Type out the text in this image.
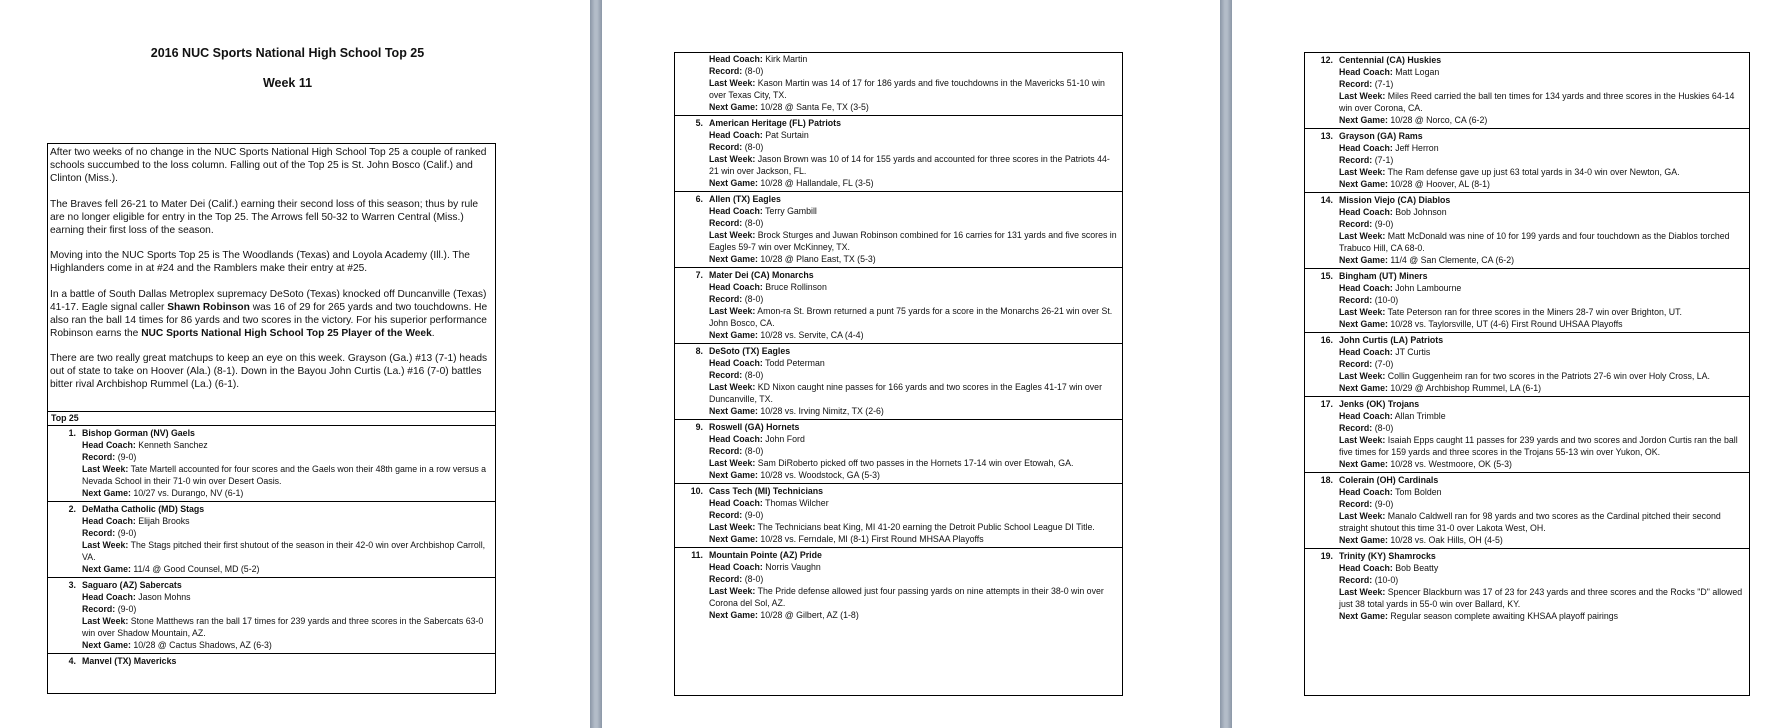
2016 NUC Sports National High School Top 25
Week 11

After two weeks of no change in the NUC Sports National High School Top 25 a couple of ranked schools succumbed to the loss column. Falling out of the Top 25 is St. John Bosco (Calif.) and Clinton (Miss.).

The Braves fell 26-21 to Mater Dei (Calif.) earning their second loss of this season; thus by rule are no longer eligible for entry in the Top 25. The Arrows fell 50-32 to Warren Central (Miss.) earning their first loss of the season.

Moving into the NUC Sports Top 25 is The Woodlands (Texas) and Loyola Academy (Ill.). The Highlanders come in at #24 and the Ramblers make their entry at #25.

In a battle of South Dallas Metroplex supremacy DeSoto (Texas) knocked off Duncanville (Texas) 41-17. Eagle signal caller Shawn Robinson was 16 of 29 for 265 yards and two touchdowns. He also ran the ball 14 times for 86 yards and two scores in the victory. For his superior performance Robinson earns the NUC Sports National High School Top 25 Player of the Week.

There are two really great matchups to keep an eye on this week. Grayson (Ga.) #13 (7-1) heads out of state to take on Hoover (Ala.) (8-1). Down in the Bayou John Curtis (La.) #16 (7-0) battles bitter rival Archbishop Rummel (La.) (6-1).

Top 25
1. Bishop Gorman (NV) Gaels
Head Coach: Kenneth Sanchez
Record: (9-0)
Last Week: Tate Martell accounted for four scores and the Gaels won their 48th game in a row versus a Nevada School in their 71-0 win over Desert Oasis.
Next Game: 10/27 vs. Durango, NV (6-1)
2. DeMatha Catholic (MD) Stags
Head Coach: Elijah Brooks
Record: (9-0)
Last Week: The Stags pitched their first shutout of the season in their 42-0 win over Archbishop Carroll, VA.
Next Game: 11/4 @ Good Counsel, MD (5-2)
3. Saguaro (AZ) Sabercats
Head Coach: Jason Mohns
Record: (9-0)
Last Week: Stone Matthews ran the ball 17 times for 239 yards and three scores in the Sabercats 63-0 win over Shadow Mountain, AZ.
Next Game: 10/28 @ Cactus Shadows, AZ (6-3)
4. Manvel (TX) Mavericks
Head Coach: Kirk Martin
Record: (8-0)
Last Week: Kason Martin was 14 of 17 for 186 yards and five touchdowns in the Mavericks 51-10 win over Texas City, TX.
Next Game: 10/28 @ Santa Fe, TX (3-5)
5. American Heritage (FL) Patriots
Head Coach: Pat Surtain
Record: (8-0)
Last Week: Jason Brown was 10 of 14 for 155 yards and accounted for three scores in the Patriots 44-21 win over Jackson, FL.
Next Game: 10/28 @ Hallandale, FL (3-5)
6. Allen (TX) Eagles
Head Coach: Terry Gambill
Record: (8-0)
Last Week: Brock Sturges and Juwan Robinson combined for 16 carries for 131 yards and five scores in Eagles 59-7 win over McKinney, TX.
Next Game: 10/28 @ Plano East, TX (5-3)
7. Mater Dei (CA) Monarchs
Head Coach: Bruce Rollinson
Record: (8-0)
Last Week: Amon-ra St. Brown returned a punt 75 yards for a score in the Monarchs 26-21 win over St. John Bosco, CA.
Next Game: 10/28 vs. Servite, CA (4-4)
8. DeSoto (TX) Eagles
Head Coach: Todd Peterman
Record: (8-0)
Last Week: KD Nixon caught nine passes for 166 yards and two scores in the Eagles 41-17 win over Duncanville, TX.
Next Game: 10/28 vs. Irving Nimitz, TX (2-6)
9. Roswell (GA) Hornets
Head Coach: John Ford
Record: (8-0)
Last Week: Sam DiRoberto picked off two passes in the Hornets 17-14 win over Etowah, GA.
Next Game: 10/28 vs. Woodstock, GA (5-3)
10. Cass Tech (MI) Technicians
Head Coach: Thomas Wilcher
Record: (9-0)
Last Week: The Technicians beat King, MI 41-20 earning the Detroit Public School League DI Title.
Next Game: 10/28 vs. Ferndale, MI (8-1) First Round MHSAA Playoffs
11. Mountain Pointe (AZ) Pride
Head Coach: Norris Vaughn
Record: (8-0)
Last Week: The Pride defense allowed just four passing yards on nine attempts in their 38-0 win over Corona del Sol, AZ.
Next Game: 10/28 @ Gilbert, AZ (1-8)
12. Centennial (CA) Huskies
Head Coach: Matt Logan
Record: (7-1)
Last Week: Miles Reed carried the ball ten times for 134 yards and three scores in the Huskies 64-14 win over Corona, CA.
Next Game: 10/28 @ Norco, CA (6-2)
13. Grayson (GA) Rams
Head Coach: Jeff Herron
Record: (7-1)
Last Week: The Ram defense gave up just 63 total yards in 34-0 win over Newton, GA.
Next Game: 10/28 @ Hoover, AL (8-1)
14. Mission Viejo (CA) Diablos
Head Coach: Bob Johnson
Record: (9-0)
Last Week: Matt McDonald was nine of 10 for 199 yards and four touchdown as the Diablos torched Trabuco Hill, CA 68-0.
Next Game: 11/4 @ San Clemente, CA (6-2)
15. Bingham (UT) Miners
Head Coach: John Lambourne
Record: (10-0)
Last Week: Tate Peterson ran for three scores in the Miners 28-7 win over Brighton, UT.
Next Game: 10/28 vs. Taylorsville, UT (4-6) First Round UHSAA Playoffs
16. John Curtis (LA) Patriots
Head Coach: JT Curtis
Record: (7-0)
Last Week: Collin Guggenheim ran for two scores in the Patriots 27-6 win over Holy Cross, LA.
Next Game: 10/29 @ Archbishop Rummel, LA (6-1)
17. Jenks (OK) Trojans
Head Coach: Allan Trimble
Record: (8-0)
Last Week: Isaiah Epps caught 11 passes for 239 yards and two scores and Jordon Curtis ran the ball five times for 159 yards and three scores in the Trojans 55-13 win over Yukon, OK.
Next Game: 10/28 vs. Westmoore, OK (5-3)
18. Colerain (OH) Cardinals
Head Coach: Tom Bolden
Record: (9-0)
Last Week: Manalo Caldwell ran for 98 yards and two scores as the Cardinal pitched their second straight shutout this time 31-0 over Lakota West, OH.
Next Game: 10/28 vs. Oak Hills, OH (4-5)
19. Trinity (KY) Shamrocks
Head Coach: Bob Beatty
Record: (10-0)
Last Week: Spencer Blackburn was 17 of 23 for 243 yards and three scores and the Rocks "D" allowed just 38 total yards in 55-0 win over Ballard, KY.
Next Game: Regular season complete awaiting KHSAA playoff pairings
